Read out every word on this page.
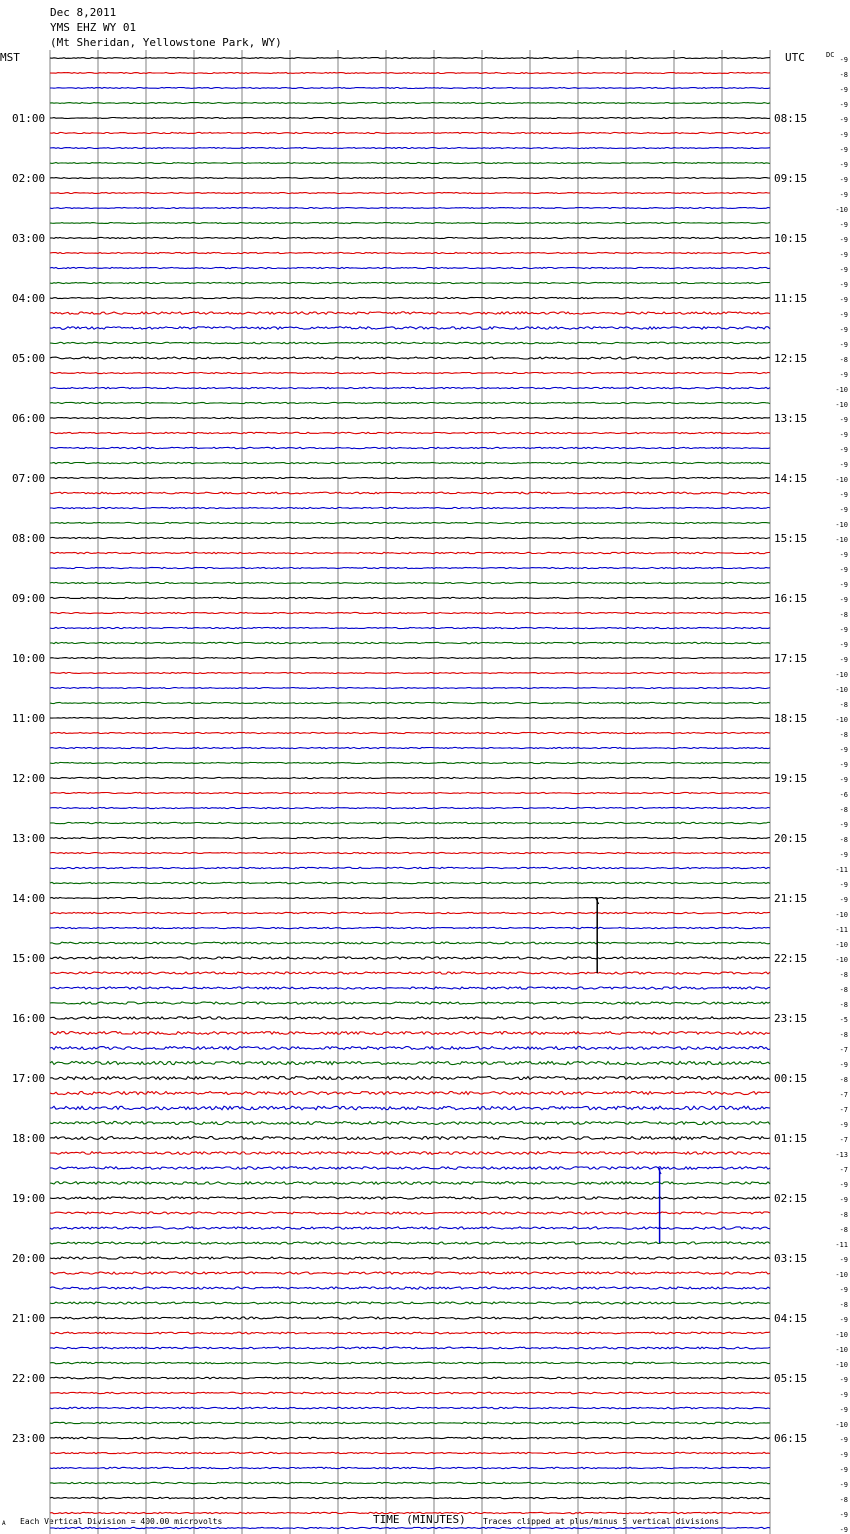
Dec 8,2011
YMS EHZ WY 01
(Mt Sheridan, Yellowstone Park, WY)
MST	UTC	DC
Each Vertical Division = 400.00 microvolts	TIME (MINUTES) Traces clipped at plus/minus 5 vertical divisions
A
-9
-8
-9
-9
-9
-9
-9
-9
-9
-9
-10
-9
-9
-9
-9
-9
-9
-9
-9
-9
-8
-9
-10
-10
-9
-9
-9
-9
-10
-9
-9
-10
-10
-9
-9
-9
-9
-8
-9
-9
-9
-10
-10
-8
-10
-8
-9
-9
-9
-6
-8
-9
-8
-9
-11
-9
-9
-10
-11
-10
-10
-8
-8
-8
-5
-8
-7
-9
-8
-7
-7
-9
-7
-13
-7
-9
-9
-8
-8
-11
-9
-10
-9
-8
-9
-10
-10
-10
-9
-9
-9
-10
-9
-9
-9
-9
-8
-9
-9
01:00
02:00
03:00
04:00
05:00
06:00
07:00
08:00
09:00
10:00
11:00
12:00
13:00
14:00
15:00
16:00
17:00
18:00
19:00
20:00
21:00
22:00
23:00
08:15
09:15
10:15
11:15
12:15
13:15
14:15
15:15
16:15
17:15
18:15
19:15
20:15
21:15
22:15
23:15
00:15
01:15
02:15
03:15
04:15
05:15
06:15
